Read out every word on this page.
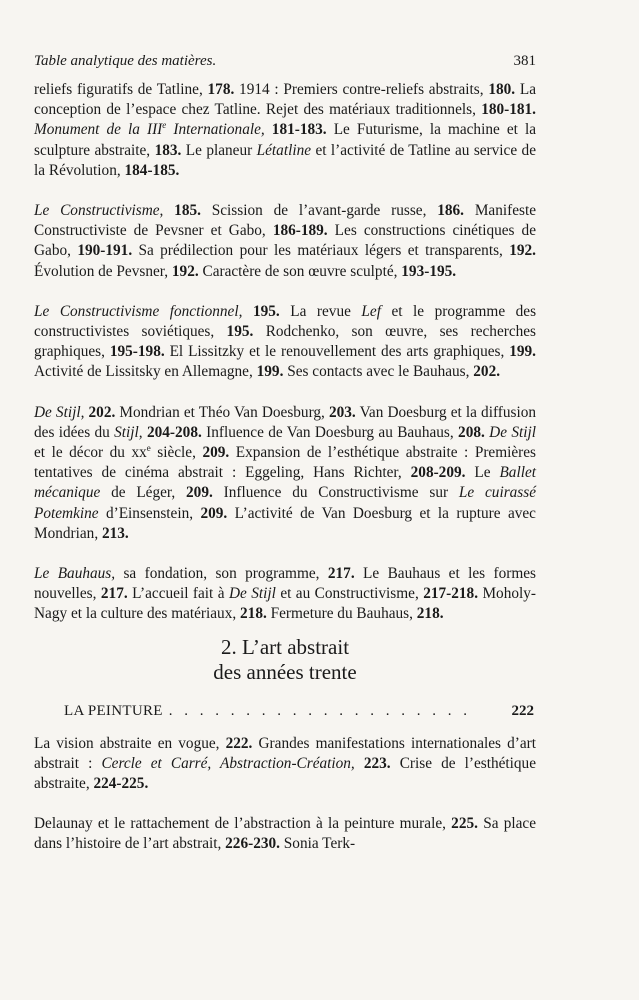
Table analytique des matières.	381
reliefs figuratifs de Tatline, 178. 1914 : Premiers contre-reliefs abstraits, 180. La conception de l’espace chez Tatline. Rejet des matériaux traditionnels, 180-181. Monument de la IIIe Internationale, 181-183. Le Futurisme, la machine et la sculpture abstraite, 183. Le planeur Létatline et l’activité de Tatline au service de la Révolution, 184-185.
Le Constructivisme, 185. Scission de l’avant-garde russe, 186. Manifeste Constructiviste de Pevsner et Gabo, 186-189. Les constructions cinétiques de Gabo, 190-191. Sa prédilection pour les matériaux légers et transparents, 192. Évolution de Pevsner, 192. Caractère de son œuvre sculpté, 193-195.
Le Constructivisme fonctionnel, 195. La revue Lef et le programme des constructivistes soviétiques, 195. Rodchenko, son œuvre, ses recherches graphiques, 195-198. El Lissitzky et le renouvellement des arts graphiques, 199. Activité de Lissitsky en Allemagne, 199. Ses contacts avec le Bauhaus, 202.
De Stijl, 202. Mondrian et Théo Van Doesburg, 203. Van Doesburg et la diffusion des idées du Stijl, 204-208. Influence de Van Doesburg au Bauhaus, 208. De Stijl et le décor du $xx^e$ siècle, 209. Expansion de l’esthétique abstraite : Premières tentatives de cinéma abstrait : Eggeling, Hans Richter, 208-209. Le Ballet mécanique de Léger, 209. Influence du Constructivisme sur Le cuirassé Potemkine d’Einsenstein, 209. L’activité de Van Doesburg et la rupture avec Mondrian, 213.
Le Bauhaus, sa fondation, son programme, 217. Le Bauhaus et les formes nouvelles, 217. L’accueil fait à De Stijl et au Constructivisme, 217-218. Moholy-Nagy et la culture des matériaux, 218. Fermeture du Bauhaus, 218.
2. L’art abstrait
des années trente
LA PEINTURE . . . . . . . . . . . . . . . . . . . .	222
La vision abstraite en vogue, 222. Grandes manifestations internationales d’art abstrait : Cercle et Carré, Abstraction-Création, 223. Crise de l’esthétique abstraite, 224-225.
Delaunay et le rattachement de l’abstraction à la peinture murale, 225. Sa place dans l’histoire de l’art abstrait, 226-230. Sonia Terk-
